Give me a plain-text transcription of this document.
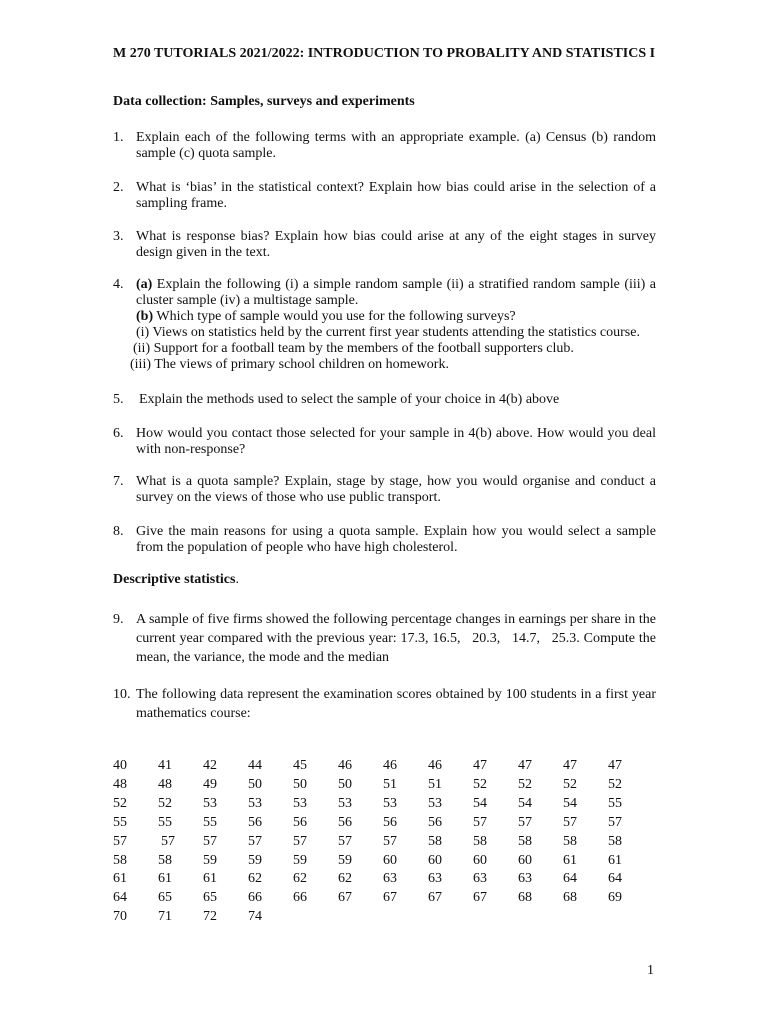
M 270 TUTORIALS 2021/2022: INTRODUCTION TO PROBALITY AND STATISTICS I
Data collection: Samples, surveys and experiments
1. Explain each of the following terms with an appropriate example. (a) Census (b) random sample (c) quota sample.
2. What is ‘bias’ in the statistical context? Explain how bias could arise in the selection of a sampling frame.
3. What is response bias? Explain how bias could arise at any of the eight stages in survey design given in the text.
4. (a) Explain the following (i) a simple random sample (ii) a stratified random sample (iii) a cluster sample (iv) a multistage sample.
(b) Which type of sample would you use for the following surveys?
(i) Views on statistics held by the current first year students attending the statistics course.
(ii) Support for a football team by the members of the football supporters club.
(iii) The views of primary school children on homework.
5. Explain the methods used to select the sample of your choice in 4(b) above
6. How would you contact those selected for your sample in 4(b) above. How would you deal with non-response?
7. What is a quota sample? Explain, stage by stage, how you would organise and conduct a survey on the views of those who use public transport.
8. Give the main reasons for using a quota sample. Explain how you would select a sample from the population of people who have high cholesterol.
Descriptive statistics.
9. A sample of five firms showed the following percentage changes in earnings per share in the current year compared with the previous year: 17.3, 16.5,   20.3,   14.7,   25.3. Compute the mean, the variance, the mode and the median
10. The following data represent the examination scores obtained by 100 students in a first year mathematics course:
40 41 42 44 45 46 46 46 47 47 47 47
48 48 49 50 50 50 51 51 52 52 52 52
52 52 53 53 53 53 53 53 54 54 54 55
55 55 55 56 56 56 56 56 57 57 57 57
57 57 57 57 57 57 57 58 58 58 58 58
58 58 59 59 59 59 60 60 60 60 61 61
61 61 61 62 62 62 63 63 63 63 64 64
64 65 65 66 66 67 67 67 67 68 68 69
70 71 72 74
1
